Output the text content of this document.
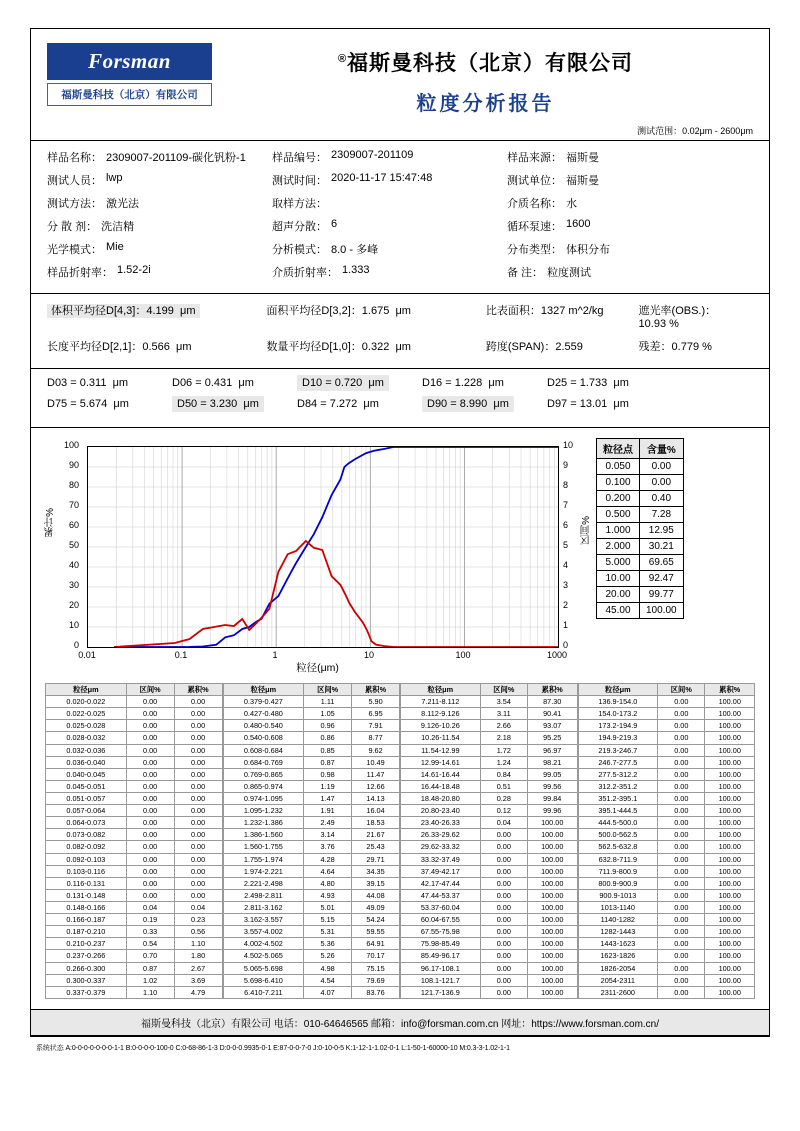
Forsman
福斯曼科技（北京）有限公司
®福斯曼科技（北京）有限公司
粒度分析报告
测试范围：0.02μm - 2600μm
样品名称： 2309007-201109-碳化钒粉-1 样品编号： 2309007-201109	样品来源： 福斯曼
测试人员： lwp	测试时间： 2020-11-17 15:47:48	测试单位： 福斯曼
测试方法： 激光法	取样方法：	介质名称： 水
分 散 剂： 洗洁精	超声分散： 6	循环泵速： 1600
光学模式： Mie	分析模式： 8.0 - 多峰	分布类型： 体积分布
样品折射率： 1.52-2i	介质折射率： 1.333	备 注： 粒度测试
体积平均径D[4,3]：4.199 μm	面积平均径D[3,2]：1.675 μm	比表面积：1327 m^2/kg	遮光率(OBS.)：10.93 %
长度平均径D[2,1]：0.566 μm	数量平均径D[1,0]：0.322 μm	跨度(SPAN)：2.559	残差：0.779 %
D03 = 0.311 μm	D06 = 0.431 μm	D10 = 0.720 μm	D16 = 1.228 μm	D25 = 1.733 μm
D75 = 5.674 μm	D50 = 3.230 μm	D84 = 7.272 μm	D90 = 8.990 μm	D97 = 13.01 μm
累计%	区间%
粒径(μm)
100
90
80
70
60
50
40
30
20
10
0
10
9
8
7
6
5
4
3
2
1
0
0.01	0.1	1	10	100	1000
粒径点	含量%
0.050	0.00
0.100	0.00
0.200	0.40
0.500	7.28
1.000	12.95
2.000	30.21
5.000	69.65
10.00	92.47
20.00	99.77
45.00	100.00
粒径μm	区间%	累积%
0.020-0.022	0.00	0.00
0.022-0.025	0.00	0.00
0.025-0.028	0.00	0.00
0.028-0.032	0.00	0.00
0.032-0.036	0.00	0.00
0.036-0.040	0.00	0.00
0.040-0.045	0.00	0.00
0.045-0.051	0.00	0.00
0.051-0.057	0.00	0.00
0.057-0.064	0.00	0.00
0.064-0.073	0.00	0.00
0.073-0.082	0.00	0.00
0.082-0.092	0.00	0.00
0.092-0.103	0.00	0.00
0.103-0.116	0.00	0.00
0.116-0.131	0.00	0.00
0.131-0.148	0.00	0.00
0.148-0.166	0.04	0.04
0.166-0.187	0.19	0.23
0.187-0.210	0.33	0.56
0.210-0.237	0.54	1.10
0.237-0.266	0.70	1.80
0.266-0.300	0.87	2.67
0.300-0.337	1.02	3.69
0.337-0.379	1.10	4.79
粒径μm	区间%	累积%
0.379-0.427	1.11	5.90
0.427-0.480	1.05	6.95
0.480-0.540	0.96	7.91
0.540-0.608	0.86	8.77
0.608-0.684	0.85	9.62
0.684-0.769	0.87	10.49
0.769-0.865	0.98	11.47
0.865-0.974	1.19	12.66
0.974-1.095	1.47	14.13
1.095-1.232	1.91	16.04
1.232-1.386	2.49	18.53
1.386-1.560	3.14	21.67
1.560-1.755	3.76	25.43
1.755-1.974	4.28	29.71
1.974-2.221	4.64	34.35
2.221-2.498	4.80	39.15
2.498-2.811	4.93	44.08
2.811-3.162	5.01	49.09
3.162-3.557	5.15	54.24
3.557-4.002	5.31	59.55
4.002-4.502	5.36	64.91
4.502-5.065	5.26	70.17
5.065-5.698	4.98	75.15
5.698-6.410	4.54	79.69
6.410-7.211	4.07	83.76
粒径μm	区间%	累积%
7.211-8.112	3.54	87.30
8.112-9.126	3.11	90.41
9.126-10.26	2.66	93.07
10.26-11.54	2.18	95.25
11.54-12.99	1.72	96.97
12.99-14.61	1.24	98.21
14.61-16.44	0.84	99.05
16.44-18.48	0.51	99.56
18.48-20.80	0.28	99.84
20.80-23.40	0.12	99.96
23.40-26.33	0.04	100.00
26.33-29.62	0.00	100.00
29.62-33.32	0.00	100.00
33.32-37.49	0.00	100.00
37.49-42.17	0.00	100.00
42.17-47.44	0.00	100.00
47.44-53.37	0.00	100.00
53.37-60.04	0.00	100.00
60.04-67.55	0.00	100.00
67.55-75.98	0.00	100.00
75.98-85.49	0.00	100.00
85.49-96.17	0.00	100.00
96.17-108.1	0.00	100.00
108.1-121.7	0.00	100.00
121.7-136.9	0.00	100.00
粒径μm	区间%	累积%
136.9-154.0	0.00	100.00
154.0-173.2	0.00	100.00
173.2-194.9	0.00	100.00
194.9-219.3	0.00	100.00
219.3-246.7	0.00	100.00
246.7-277.5	0.00	100.00
277.5-312.2	0.00	100.00
312.2-351.2	0.00	100.00
351.2-395.1	0.00	100.00
395.1-444.5	0.00	100.00
444.5-500.0	0.00	100.00
500.0-562.5	0.00	100.00
562.5-632.8	0.00	100.00
632.8-711.9	0.00	100.00
711.9-800.9	0.00	100.00
800.9-900.9	0.00	100.00
900.9-1013	0.00	100.00
1013-1140	0.00	100.00
1140-1282	0.00	100.00
1282-1443	0.00	100.00
1443-1623	0.00	100.00
1623-1826	0.00	100.00
1826-2054	0.00	100.00
2054-2311	0.00	100.00
2311-2600	0.00	100.00
福斯曼科技（北京）有限公司 电话：010-64646565 邮箱：info@forsman.com.cn 网址：https://www.forsman.com.cn/
系统状态 A:0-0-0-0-0-0-0-1-1 B:0-0-0-0-100-0 C:0-68-86-1-3 D:0-0-0.9935-0-1 E:87-0-0-7-0 J:0-10-0-5 K:1-12-1-1.02-0-1 L:1-50-1-60000-10 M:0.3-3-1.02-1-1
